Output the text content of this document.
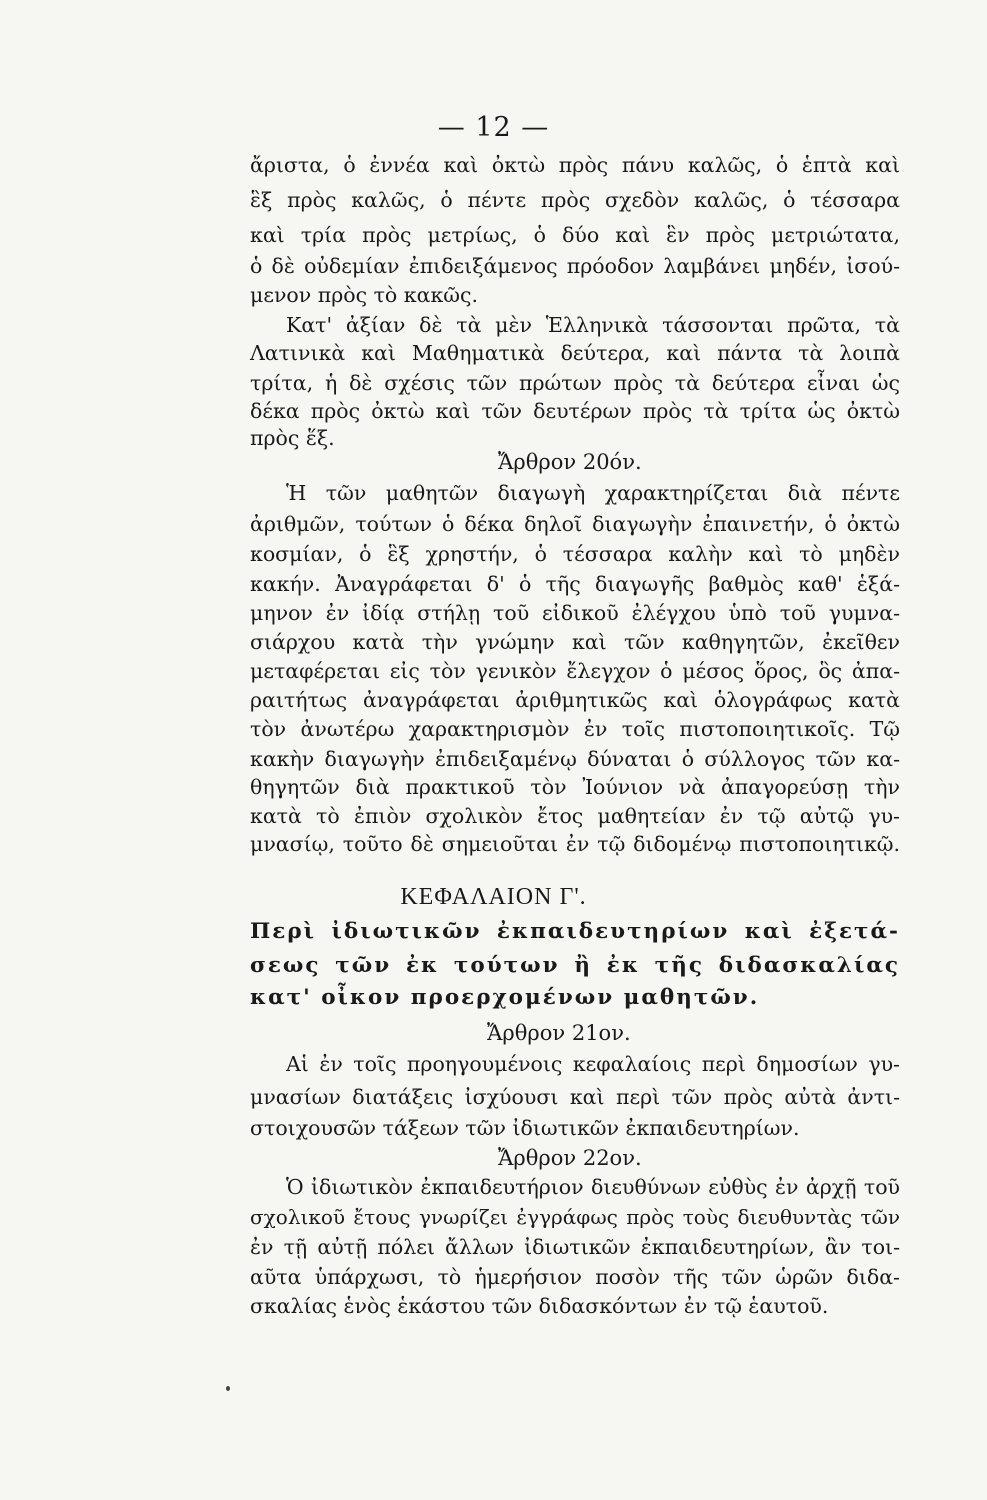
— 12 —
ἄριστα, ὁ ἐννέα καὶ ὀκτὼ πρὸς πάνυ καλῶς, ὁ ἑπτὰ καὶ
ἓξ πρὸς καλῶς, ὁ πέντε πρὸς σχεδὸν καλῶς, ὁ τέσσαρα
καὶ τρία πρὸς μετρίως, ὁ δύο καὶ ἓν πρὸς μετριώτατα,
ὁ δὲ οὐδεμίαν ἐπιδειξάμενος πρόοδον λαμβάνει μηδέν, ἰσού-
μενον πρὸς τὸ κακῶς.
Κατ' ἀξίαν δὲ τὰ μὲν Ἑλληνικὰ τάσσονται πρῶτα, τὰ
Λατινικὰ καὶ Μαθηματικὰ δεύτερα, καὶ πάντα τὰ λοιπὰ
τρίτα, ἡ δὲ σχέσις τῶν πρώτων πρὸς τὰ δεύτερα εἶναι ὡς
δέκα πρὸς ὀκτὼ καὶ τῶν δευτέρων πρὸς τὰ τρίτα ὡς ὀκτὼ
πρὸς ἕξ.
Ἄρθρον 20όν.
Ἡ τῶν μαθητῶν διαγωγὴ χαρακτηρίζεται διὰ πέντε
ἀριθμῶν, τούτων ὁ δέκα δηλοῖ διαγωγὴν ἐπαινετήν, ὁ ὀκτὼ
κοσμίαν, ὁ ἓξ χρηστήν, ὁ τέσσαρα καλὴν καὶ τὸ μηδὲν
κακήν. Ἀναγράφεται δ' ὁ τῆς διαγωγῆς βαθμὸς καθ' ἑξά-
μηνον ἐν ἰδίᾳ στήλῃ τοῦ εἰδικοῦ ἐλέγχου ὑπὸ τοῦ γυμνα-
σιάρχου κατὰ τὴν γνώμην καὶ τῶν καθηγητῶν, ἐκεῖθεν
μεταφέρεται εἰς τὸν γενικὸν ἔλεγχον ὁ μέσος ὅρος, ὃς ἀπα-
ραιτήτως ἀναγράφεται ἀριθμητικῶς καὶ ὁλογράφως κατὰ
τὸν ἀνωτέρω χαρακτηρισμὸν ἐν τοῖς πιστοποιητικοῖς. Τῷ
κακὴν διαγωγὴν ἐπιδειξαμένῳ δύναται ὁ σύλλογος τῶν κα-
θηγητῶν διὰ πρακτικοῦ τὸν Ἰούνιον νὰ ἀπαγορεύσῃ τὴν
κατὰ τὸ ἐπιὸν σχολικὸν ἔτος μαθητείαν ἐν τῷ αὐτῷ γυ-
μνασίῳ, τοῦτο δὲ σημειοῦται ἐν τῷ διδομένῳ πιστοποιητικῷ.
ΚΕΦΑΛΑΙΟΝ Γ'.
Περὶ ἰδιωτικῶν ἐκπαιδευτηρίων καὶ ἐξετά-
σεως τῶν ἐκ τούτων ἢ ἐκ τῆς διδασκαλίας
κατ' οἶκον προερχομένων μαθητῶν.
Ἄρθρον 21ον.
Αἱ ἐν τοῖς προηγουμένοις κεφαλαίοις περὶ δημοσίων γυ-
μνασίων διατάξεις ἰσχύουσι καὶ περὶ τῶν πρὸς αὐτὰ ἀντι-
στοιχουσῶν τάξεων τῶν ἰδιωτικῶν ἐκπαιδευτηρίων.
Ἄρθρον 22ον.
Ὁ ἰδιωτικὸν ἐκπαιδευτήριον διευθύνων εὐθὺς ἐν ἀρχῇ τοῦ
σχολικοῦ ἔτους γνωρίζει ἐγγράφως πρὸς τοὺς διευθυντὰς τῶν
ἐν τῇ αὐτῇ πόλει ἄλλων ἰδιωτικῶν ἐκπαιδευτηρίων, ἂν τοι-
αῦτα ὑπάρχωσι, τὸ ἡμερήσιον ποσὸν τῆς τῶν ὡρῶν διδα-
σκαλίας ἑνὸς ἑκάστου τῶν διδασκόντων ἐν τῷ ἑαυτοῦ.
